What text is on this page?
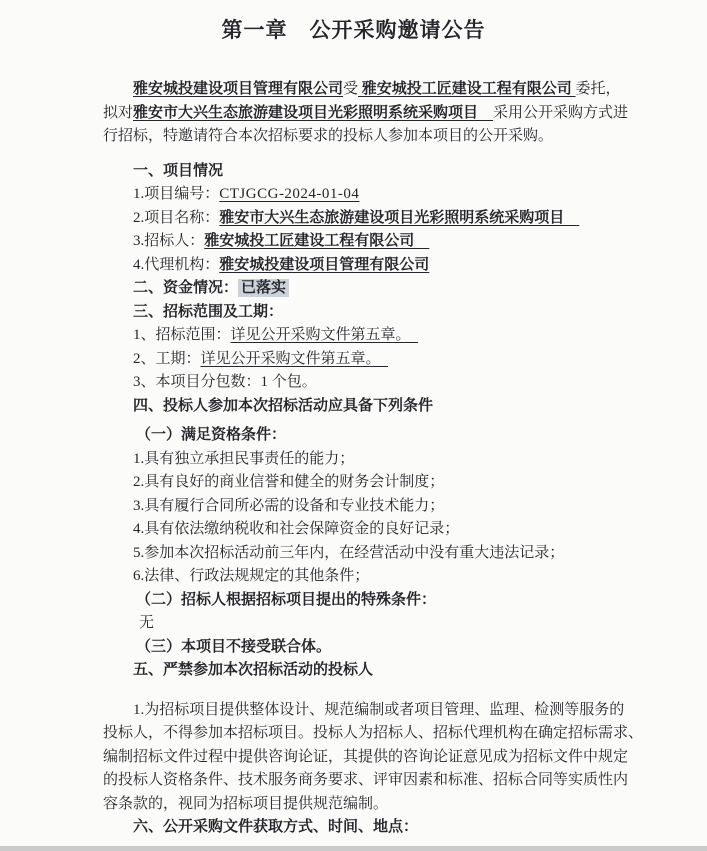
第一章　公开采购邀请公告
雅安城投建设项目管理有限公司受 雅安城投工匠建设工程有限公司 委托，
拟对雅安市大兴生态旅游建设项目光彩照明系统采购项目　采用公开采购方式进
行招标，特邀请符合本次招标要求的投标人参加本项目的公开采购。
一、项目情况
1.项目编号：CTJGCG-2024-01-04
2.项目名称：雅安市大兴生态旅游建设项目光彩照明系统采购项目　
3.招标人：雅安城投工匠建设工程有限公司　
4.代理机构：雅安城投建设项目管理有限公司
二、资金情况： 已落实
三、招标范围及工期：
1、招标范围：详见公开采购文件第五章。　
2、工期：详见公开采购文件第五章。　
3、本项目分包数：1 个包。
四、投标人参加本次招标活动应具备下列条件
（一）满足资格条件：
1.具有独立承担民事责任的能力；
2.具有良好的商业信誉和健全的财务会计制度；
3.具有履行合同所必需的设备和专业技术能力；
4.具有依法缴纳税收和社会保障资金的良好记录；
5.参加本次招标活动前三年内，在经营活动中没有重大违法记录；
6.法律、行政法规规定的其他条件；
（二）招标人根据招标项目提出的特殊条件：
无
（三）本项目不接受联合体。
五、严禁参加本次招标活动的投标人
1.为招标项目提供整体设计、规范编制或者项目管理、监理、检测等服务的
投标人，不得参加本招标项目。投标人为招标人、招标代理机构在确定招标需求、
编制招标文件过程中提供咨询论证，其提供的咨询论证意见成为招标文件中规定
的投标人资格条件、技术服务商务要求、评审因素和标准、招标合同等实质性内
容条款的，视同为招标项目提供规范编制。
六、公开采购文件获取方式、时间、地点：
